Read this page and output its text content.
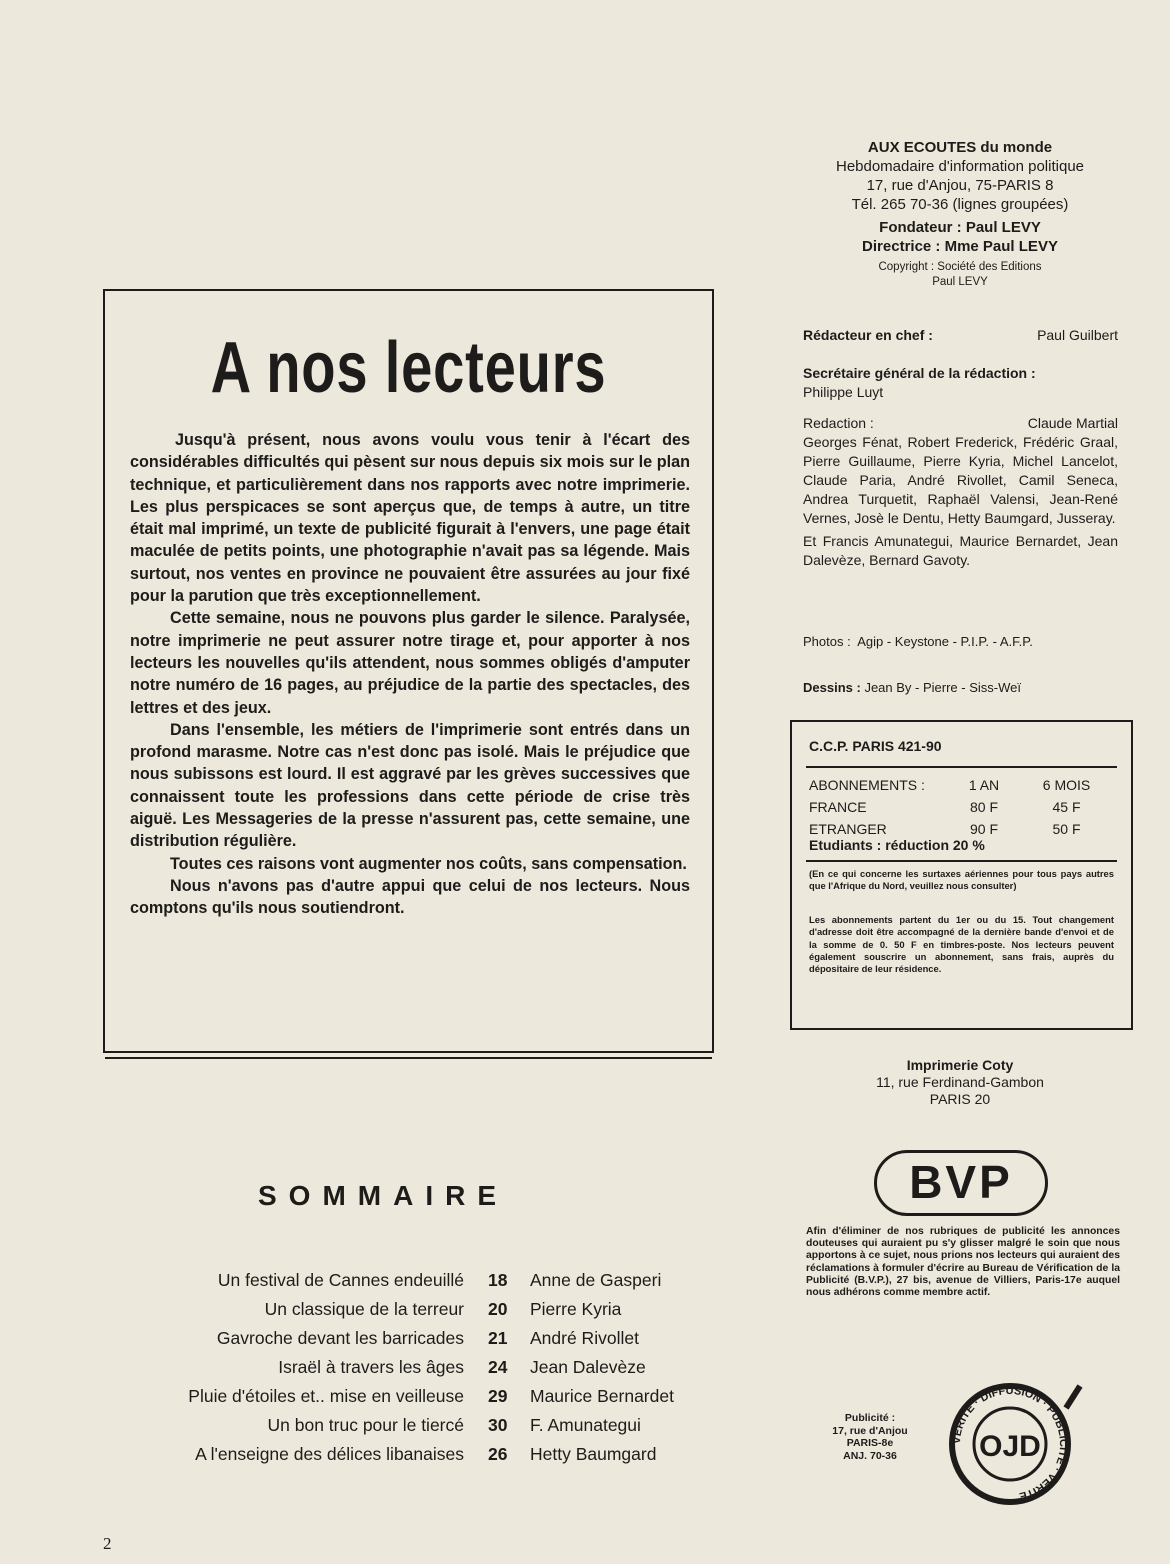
AUX ECOUTES du monde
Hebdomadaire d'information politique
17, rue d'Anjou, 75-PARIS 8
Tél. 265 70-36 (lignes groupées)
Fondateur : Paul LEVY
Directrice : Mme Paul LEVY
Copyright : Société des Editions
Paul LEVY
Rédacteur en chef :	Paul Guilbert
Secrétaire général de la rédaction :
Philippe Luyt
Redaction :	Claude Martial
Georges Fénat, Robert Frederick, Frédéric Graal, Pierre Guillaume, Pierre Kyria, Michel Lancelot, Claude Paria, André Rivollet, Camil Seneca, Andrea Turquetit, Raphaël Valensi, Jean-René Vernes, Josè le Dentu, Hetty Baumgard, Jusseray.
Et Francis Amunategui, Maurice Bernardet, Jean Dalevèze, Bernard Gavoty.
Photos : Agip - Keystone - P.I.P. - A.F.P.
Dessins : Jean By - Pierre - Siss-Weï
A nos lecteurs

Jusqu'à présent, nous avons voulu vous tenir à l'écart des considérables difficultés qui pèsent sur nous depuis six mois sur le plan technique, et particulièrement dans nos rapports avec notre imprimerie. Les plus perspicaces se sont aperçus que, de temps à autre, un titre était mal imprimé, un texte de publicité figurait à l'envers, une page était maculée de petits points, une photographie n'avait pas sa légende. Mais surtout, nos ventes en province ne pouvaient être assurées au jour fixé pour la parution que très exceptionnellement.

Cette semaine, nous ne pouvons plus garder le silence. Paralysée, notre imprimerie ne peut assurer notre tirage et, pour apporter à nos lecteurs les nouvelles qu'ils attendent, nous sommes obligés d'amputer notre numéro de 16 pages, au préjudice de la partie des spectacles, des lettres et des jeux.

Dans l'ensemble, les métiers de l'imprimerie sont entrés dans un profond marasme. Notre cas n'est donc pas isolé. Mais le préjudice que nous subissons est lourd. Il est aggravé par les grèves successives que connaissent toute les professions dans cette période de crise très aiguë. Les Messageries de la presse n'assurent pas, cette semaine, une distribution régulière.

Toutes ces raisons vont augmenter nos coûts, sans compensation.

Nous n'avons pas d'autre appui que celui de nos lecteurs. Nous comptons qu'ils nous soutiendront.

C.C.P. PARIS 421-90
ABONNEMENTS :	1 AN	6 MOIS
FRANCE	80 F	45 F
ETRANGER	90 F	50 F
Etudiants : réduction 20 %
(En ce qui concerne les surtaxes aériennes pour tous pays autres que l'Afrique du Nord, veuillez nous consulter)
Les abonnements partent du 1er ou du 15. Tout changement d'adresse doit être accompagné de la dernière bande d'envoi et de la somme de 0. 50 F en timbres-poste. Nos lecteurs peuvent également souscrire un abonnement, sans frais, auprès du dépositaire de leur résidence.
Imprimerie Coty
11, rue Ferdinand-Gambon
PARIS 20
BVP
Afin d'éliminer de nos rubriques de publicité les annonces douteuses qui auraient pu s'y glisser malgré le soin que nous apportons à ce sujet, nous prions nos lecteurs qui auraient des réclamations à formuler d'écrire au Bureau de Vérification de la Publicité (B.V.P.), 27 bis, avenue de Villiers, Paris-17e auquel nous adhérons comme membre actif.
Publicité :
17, rue d'Anjou
PARIS-8e
ANJ. 70-36
VÉRITÉ · DIFFUSION · PUBLICITÉ · VÉRITÉ
OJD
SOMMAIRE
Un festival de Cannes endeuillé 18 Anne de Gasperi
Un classique de la terreur 20 Pierre Kyria
Gavroche devant les barricades 21 André Rivollet
Israël à travers les âges 24 Jean Dalevèze
Pluie d'étoiles et.. mise en veilleuse 29 Maurice Bernardet
Un bon truc pour le tiercé 30 F. Amunategui
A l'enseigne des délices libanaises 26 Hetty Baumgard
2
